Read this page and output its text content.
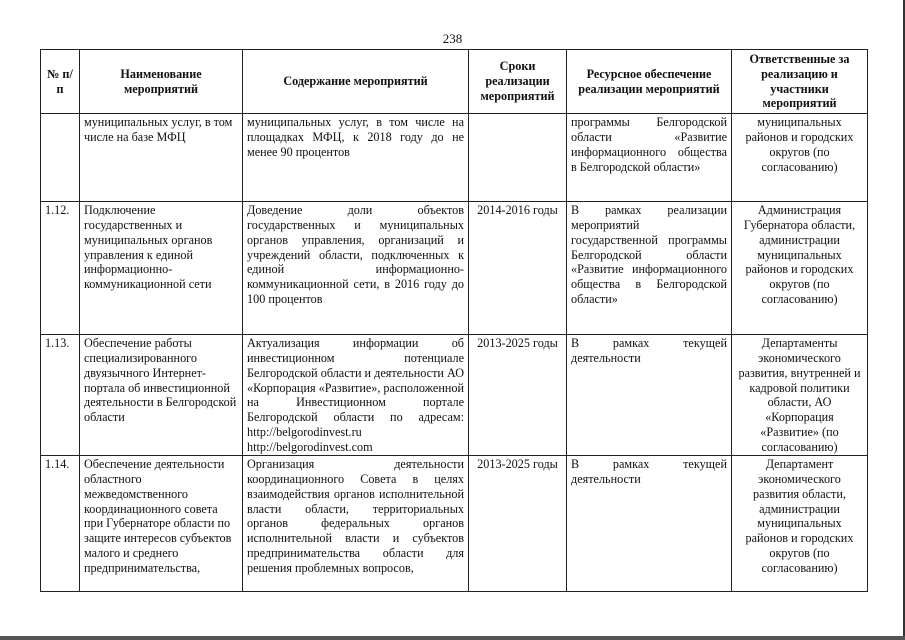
238
№ п/п	Наименование мероприятий	Содержание мероприятий	Сроки реализации мероприятий	Ресурсное обеспечение реализации мероприятий	Ответственные за реализацию и участники мероприятий
	муниципальных услуг, в том числе на базе МФЦ	муниципальных услуг, в том числе на площадках МФЦ, к 2018 году до не менее 90 процентов		программы Белгородской области «Развитие информационного общества в Белгородской области»	муниципальных районов и городских округов (по согласованию)
1.12.	Подключение государственных и муниципальных органов управления к единой информационно-коммуникационной сети	Доведение доли объектов государственных и муниципальных органов управления, организаций и учреждений области, подключенных к единой информационно-коммуникационной сети, в 2016 году до 100 процентов	2014-2016 годы	В рамках реализации мероприятий государственной программы Белгородской области «Развитие информационного общества в Белгородской области»	Администрация Губернатора области, администрации муниципальных районов и городских округов (по согласованию)
1.13.	Обеспечение работы специализированного двуязычного Интернет-портала об инвестиционной деятельности в Белгородской области	Актуализация информации об инвестиционном потенциале Белгородской области и деятельности АО «Корпорация «Развитие», расположенной на Инвестиционном портале Белгородской области по адресам: http://belgorodinvest.ru http://belgorodinvest.com	2013-2025 годы	В рамках текущей деятельности	Департаменты экономического развития, внутренней и кадровой политики области, АО «Корпорация «Развитие» (по согласованию)
1.14.	Обеспечение деятельности областного межведомственного координационного совета при Губернаторе области по защите интересов субъектов малого и среднего предпринимательства,	Организация деятельности координационного Совета в целях взаимодействия органов исполнительной власти области, территориальных органов федеральных органов исполнительной власти и субъектов предпринимательства области для решения проблемных вопросов,	2013-2025 годы	В рамках текущей деятельности	Департамент экономического развития области, администрации муниципальных районов и городских округов (по согласованию)
